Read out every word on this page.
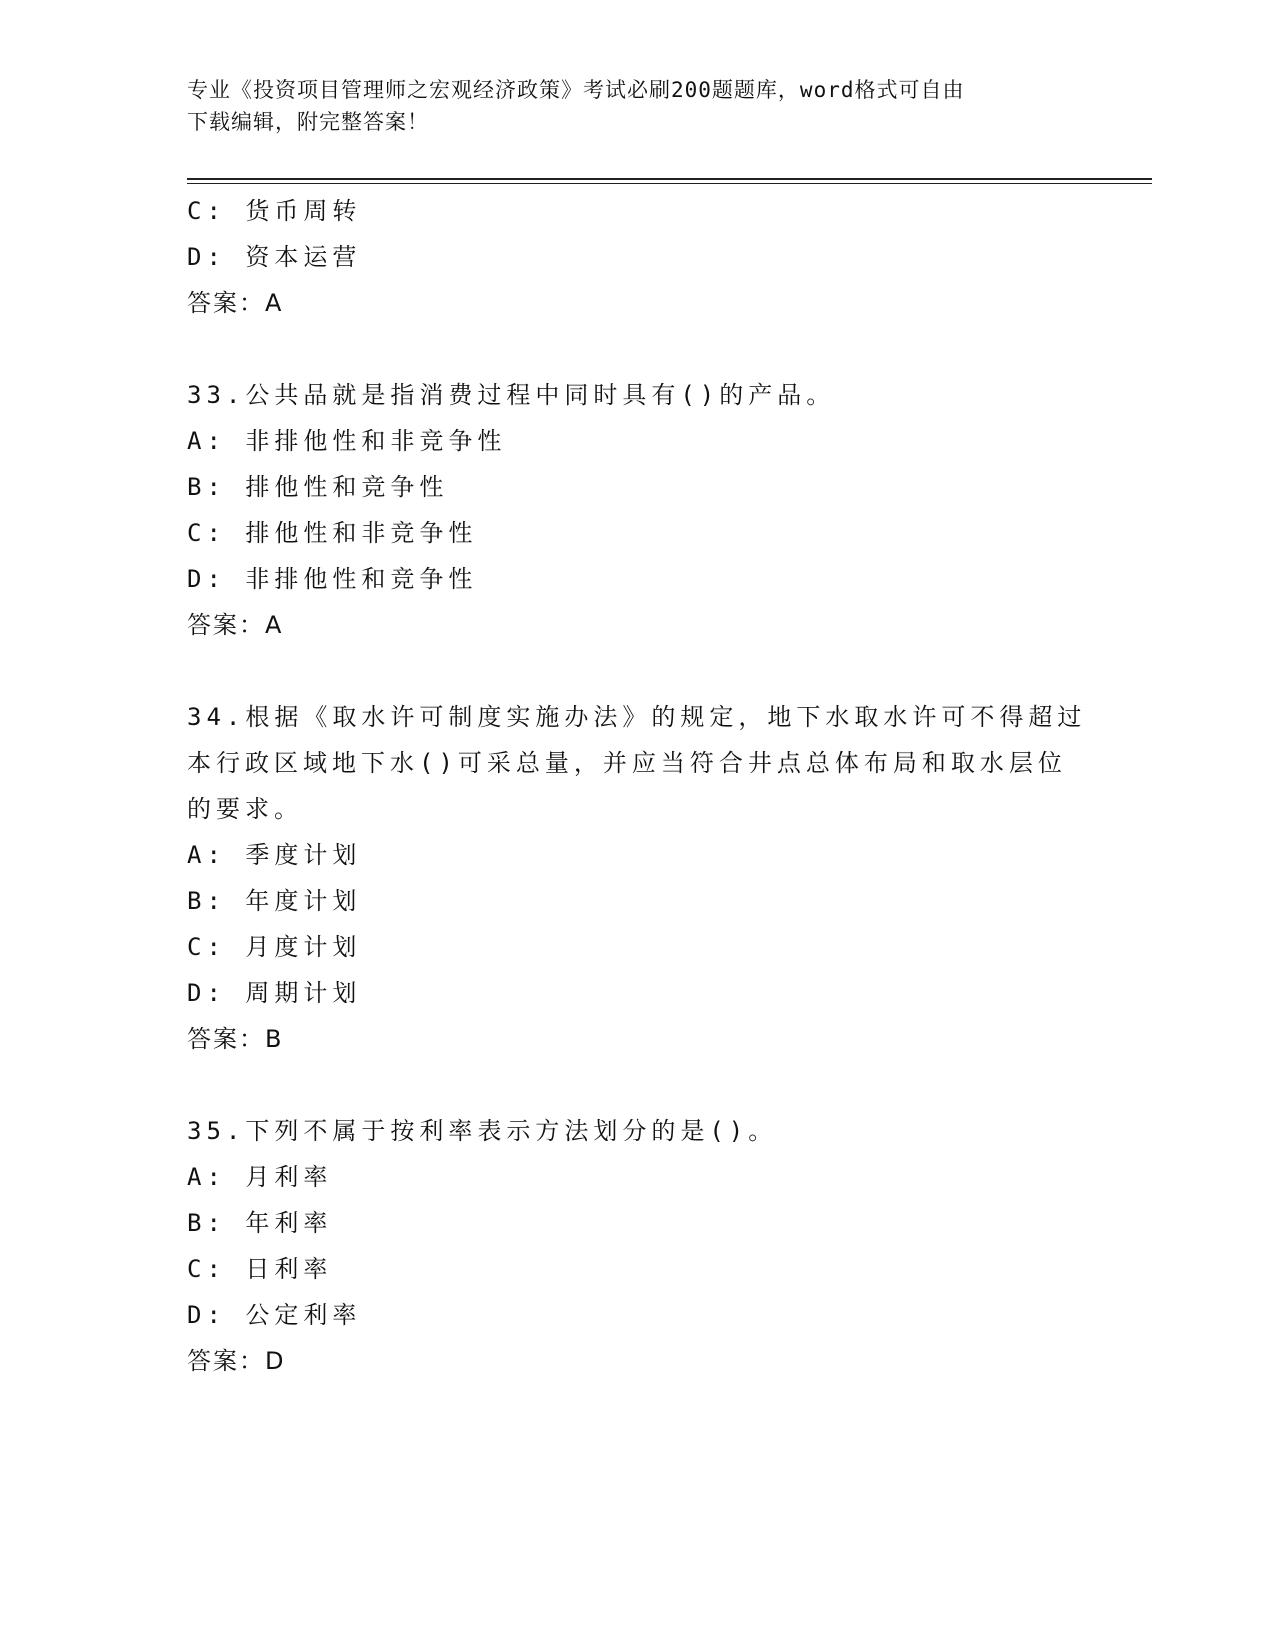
专业《投资项目管理师之宏观经济政策》考试必刷200题题库，word格式可自由
下载编辑，附完整答案！
C: 货币周转
D: 资本运营
答案：A
33.公共品就是指消费过程中同时具有()的产品。
A: 非排他性和非竞争性
B: 排他性和竞争性
C: 排他性和非竞争性
D: 非排他性和竞争性
答案：A
34.根据《取水许可制度实施办法》的规定，地下水取水许可不得超过
本行政区域地下水()可采总量，并应当符合井点总体布局和取水层位
的要求。
A: 季度计划
B: 年度计划
C: 月度计划
D: 周期计划
答案：B
35.下列不属于按利率表示方法划分的是()。
A: 月利率
B: 年利率
C: 日利率
D: 公定利率
答案：D
